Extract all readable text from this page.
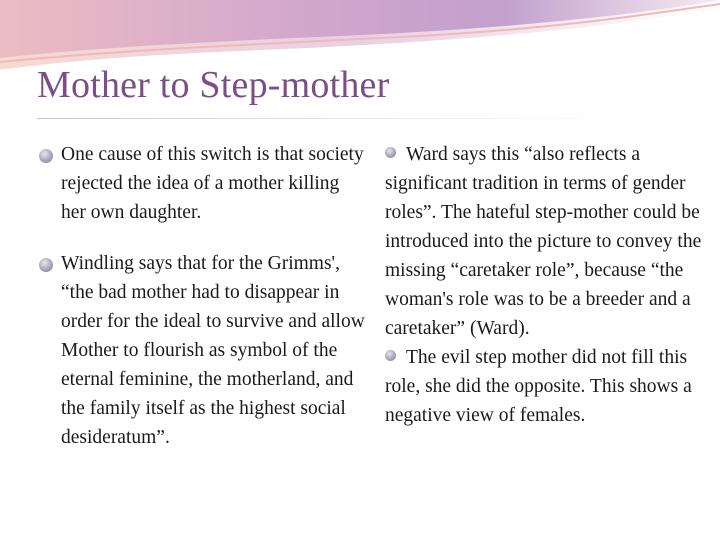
Mother to Step-mother
One cause of this switch is that society rejected the idea of a mother killing her own daughter.
Windling says that for the Grimms', “the bad mother had to disappear in order for the ideal to survive and allow Mother to flourish as symbol of the eternal feminine, the motherland, and the family itself as the highest social desideratum”.

Ward says this “also reflects a significant tradition in terms of gender roles”. The hateful step-mother could be introduced into the picture to convey the missing “caretaker role”, because “the woman's role was to be a breeder and a caretaker” (Ward).

The evil step mother did not fill this role, she did the opposite. This shows a negative view of females.
